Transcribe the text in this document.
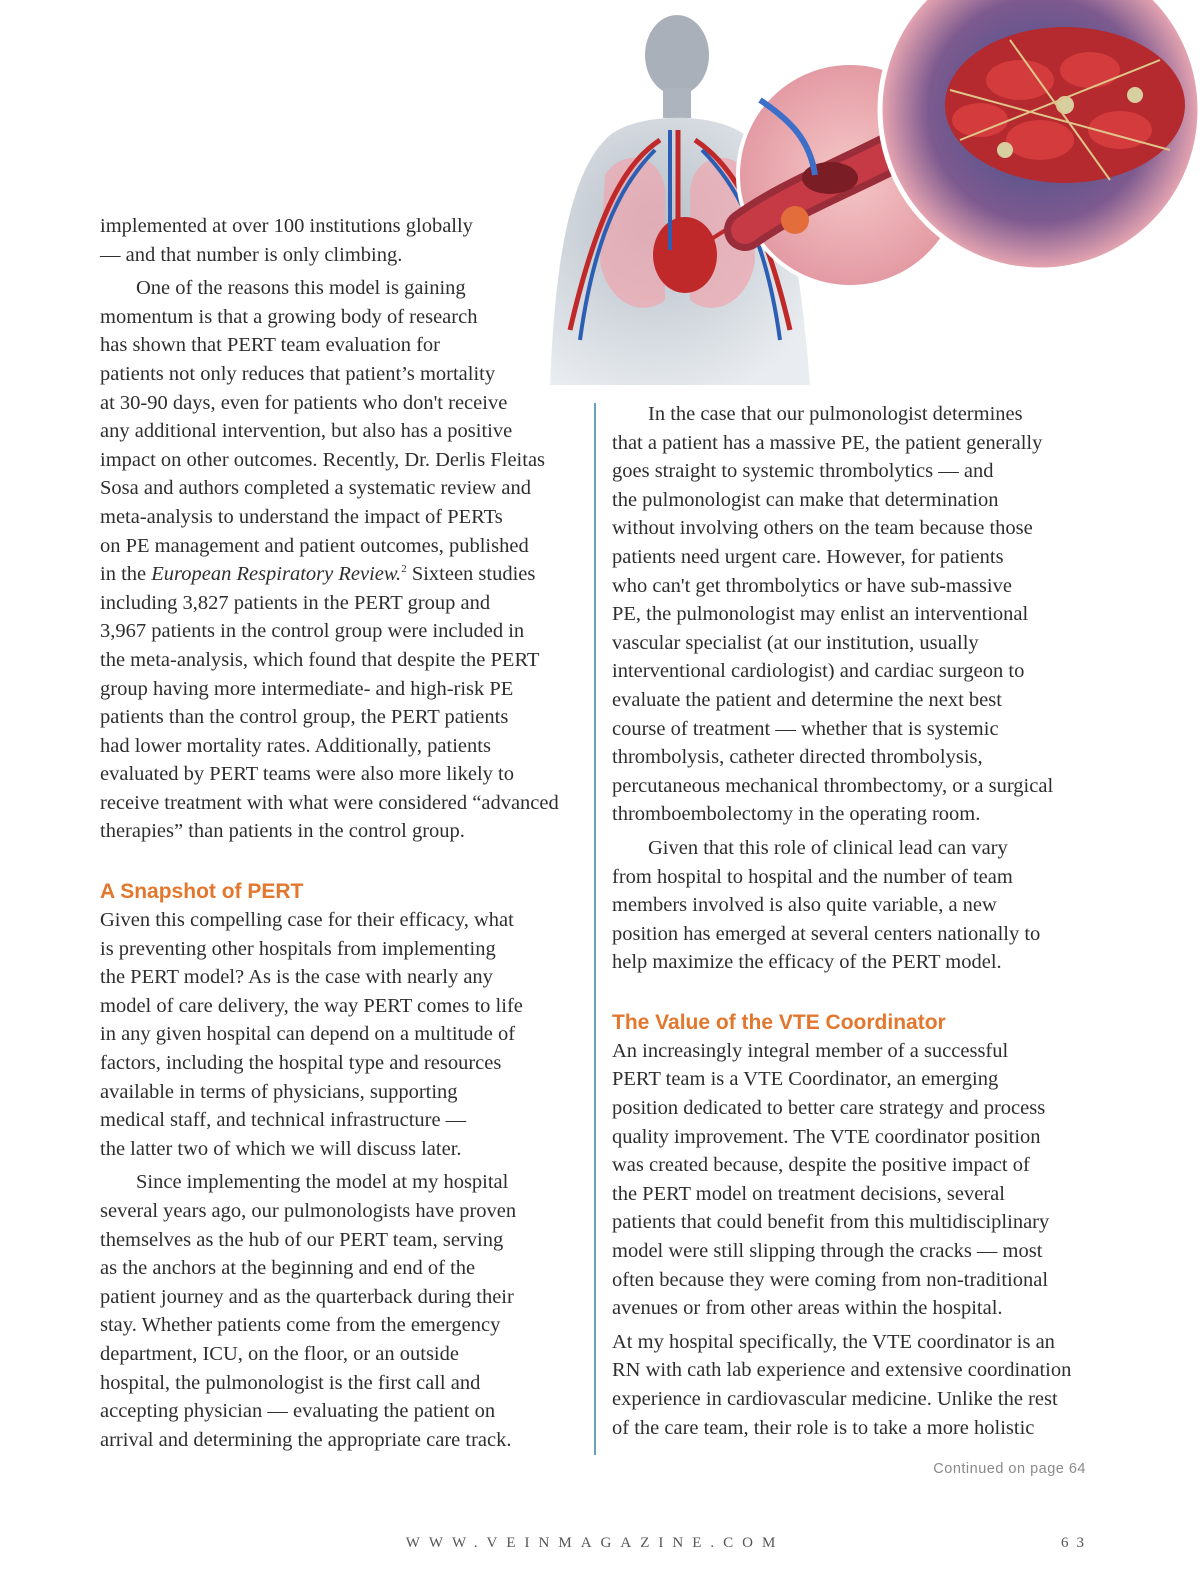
implemented at over 100 institutions globally
— and that number is only climbing.
One of the reasons this model is gaining
momentum is that a growing body of research
has shown that PERT team evaluation for
patients not only reduces that patient’s mortality
at 30-90 days, even for patients who don't receive
any additional intervention, but also has a positive
impact on other outcomes. Recently, Dr. Derlis Fleitas
Sosa and authors completed a systematic review and
meta-analysis to understand the impact of PERTs
on PE management and patient outcomes, published
in the European Respiratory Review.$^2$ Sixteen studies
including 3,827 patients in the PERT group and
3,967 patients in the control group were included in
the meta-analysis, which found that despite the PERT
group having more intermediate- and high-risk PE
patients than the control group, the PERT patients
had lower mortality rates. Additionally, patients
evaluated by PERT teams were also more likely to
receive treatment with what were considered “advanced
therapies” than patients in the control group.
A Snapshot of PERT
Given this compelling case for their efficacy, what
is preventing other hospitals from implementing
the PERT model? As is the case with nearly any
model of care delivery, the way PERT comes to life
in any given hospital can depend on a multitude of
factors, including the hospital type and resources
available in terms of physicians, supporting
medical staff, and technical infrastructure —
the latter two of which we will discuss later.
Since implementing the model at my hospital
several years ago, our pulmonologists have proven
themselves as the hub of our PERT team, serving
as the anchors at the beginning and end of the
patient journey and as the quarterback during their
stay. Whether patients come from the emergency
department, ICU, on the floor, or an outside
hospital, the pulmonologist is the first call and
accepting physician — evaluating the patient on
arrival and determining the appropriate care track.
In the case that our pulmonologist determines
that a patient has a massive PE, the patient generally
goes straight to systemic thrombolytics — and
the pulmonologist can make that determination
without involving others on the team because those
patients need urgent care. However, for patients
who can't get thrombolytics or have sub-massive
PE, the pulmonologist may enlist an interventional
vascular specialist (at our institution, usually
interventional cardiologist) and cardiac surgeon to
evaluate the patient and determine the next best
course of treatment — whether that is systemic
thrombolysis, catheter directed thrombolysis,
percutaneous mechanical thrombectomy, or a surgical
thromboembolectomy in the operating room.
Given that this role of clinical lead can vary
from hospital to hospital and the number of team
members involved is also quite variable, a new
position has emerged at several centers nationally to
help maximize the efficacy of the PERT model.
The Value of the VTE Coordinator
An increasingly integral member of a successful
PERT team is a VTE Coordinator, an emerging
position dedicated to better care strategy and process
quality improvement. The VTE coordinator position
was created because, despite the positive impact of
the PERT model on treatment decisions, several
patients that could benefit from this multidisciplinary
model were still slipping through the cracks — most
often because they were coming from non-traditional
avenues or from other areas within the hospital.
At my hospital specifically, the VTE coordinator is an
RN with cath lab experience and extensive coordination
experience in cardiovascular medicine. Unlike the rest
of the care team, their role is to take a more holistic
Continued on page 64
WWW.VEINMAGAZINE.COM	63
